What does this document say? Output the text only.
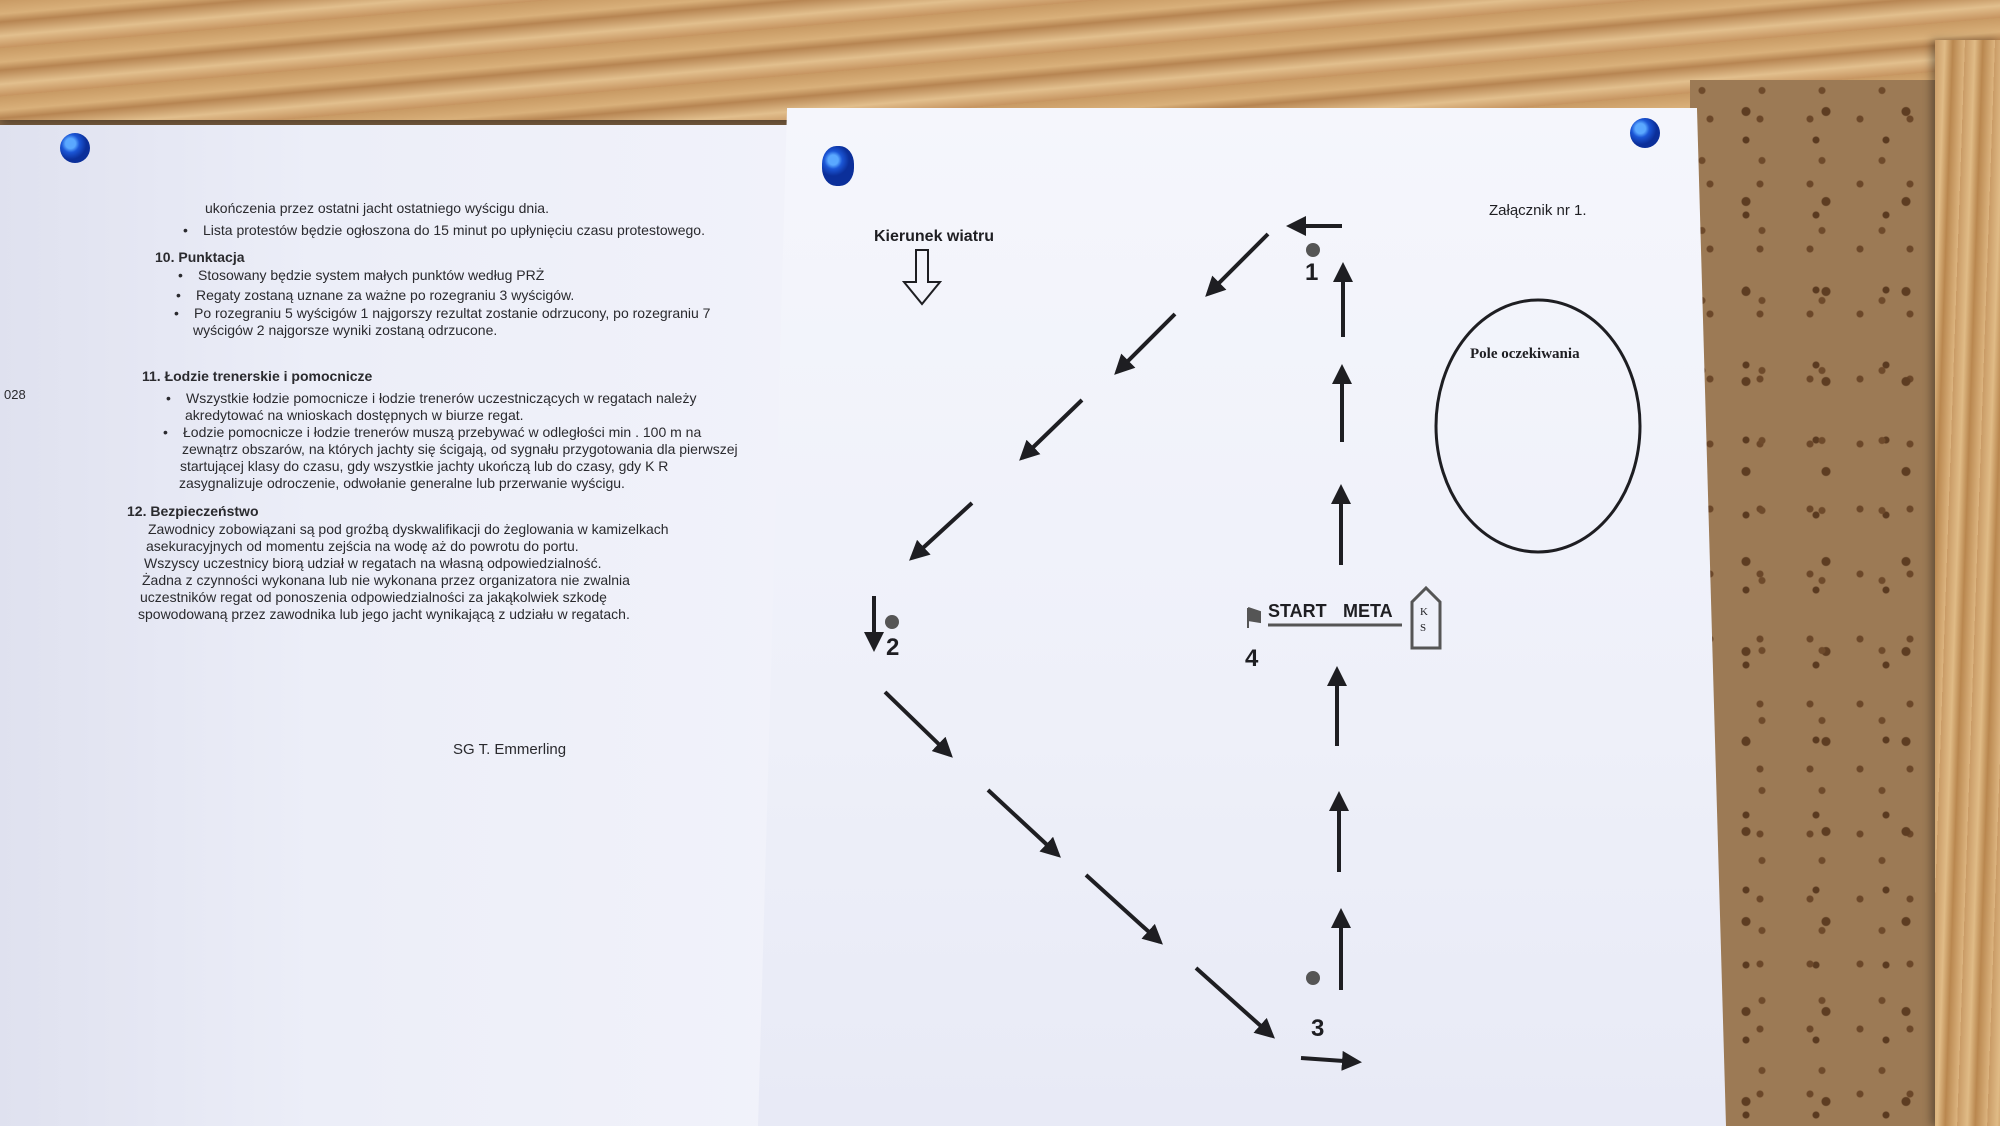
028
ukończenia przez ostatni jacht ostatniego wyścigu dnia.
• Lista protestów będzie ogłoszona do 15 minut po upłynięciu czasu protestowego.
10. Punktacja
• Stosowany będzie system małych punktów według PRŻ
• Regaty zostaną uznane za ważne po rozegraniu 3 wyścigów.
• Po rozegraniu 5 wyścigów 1 najgorszy rezultat zostanie odrzucony, po rozegraniu 7
wyścigów 2 najgorsze wyniki zostaną odrzucone.
11. Łodzie trenerskie i pomocnicze
• Wszystkie łodzie pomocnicze i łodzie trenerów uczestniczących w regatach należy
akredytować na wnioskach dostępnych w biurze regat.
• Łodzie pomocnicze i łodzie trenerów muszą przebywać w odległości min . 100 m na
zewnątrz obszarów, na których jachty się ścigają, od sygnału przygotowania dla pierwszej
startującej klasy do czasu, gdy wszystkie jachty ukończą lub do czasy, gdy K R
zasygnalizuje odroczenie, odwołanie generalne lub przerwanie wyścigu.
12. Bezpieczeństwo
Zawodnicy zobowiązani są pod groźbą dyskwalifikacji do żeglowania w kamizelkach
asekuracyjnych od momentu zejścia na wodę aż do powrotu do portu.
Wszyscy uczestnicy biorą udział w regatach na własną odpowiedzialność.
Żadna z czynności wykonana lub nie wykonana przez organizatora nie zwalnia
uczestników regat od ponoszenia odpowiedzialności za jakąkolwiek szkodę
spowodowaną przez zawodnika lub jego jacht wynikającą z udziału w regatach.
SG T. Emmerling
Załącznik nr 1.
Kierunek wiatru
Pole oczekiwania
START META K
S
1
2
3
4
